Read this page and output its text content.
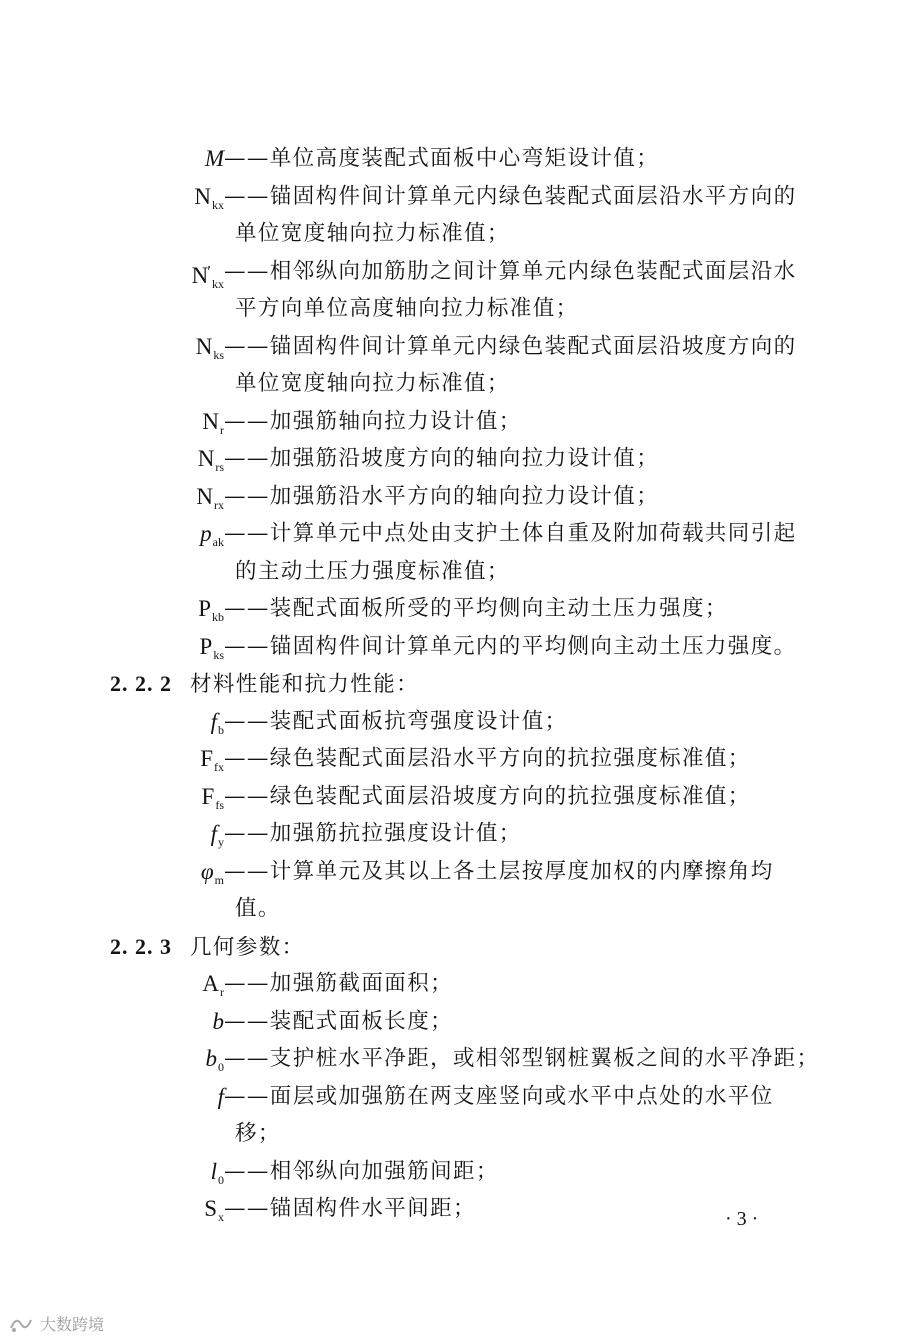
M ——单位高度装配式面板中心弯矩设计值；
$N_{kx}$ ——锚固构件间计算单元内绿色装配式面层沿水平方向的
单位宽度轴向拉力标准值；
$N'_{kx}$ ——相邻纵向加筋肋之间计算单元内绿色装配式面层沿水
平方向单位高度轴向拉力标准值；
$N_{ks}$ ——锚固构件间计算单元内绿色装配式面层沿坡度方向的
单位宽度轴向拉力标准值；
$N_r$ ——加强筋轴向拉力设计值；
$N_{rs}$ ——加强筋沿坡度方向的轴向拉力设计值；
$N_{rx}$ ——加强筋沿水平方向的轴向拉力设计值；
$p_{ak}$ ——计算单元中点处由支护土体自重及附加荷载共同引起
的主动土压力强度标准值；
$P_{kb}$ ——装配式面板所受的平均侧向主动土压力强度；
$P_{ks}$ ——锚固构件间计算单元内的平均侧向主动土压力强度。
2. 2. 2 材料性能和抗力性能：
$f_b$ ——装配式面板抗弯强度设计值；
$F_{fx}$ ——绿色装配式面层沿水平方向的抗拉强度标准值；
$F_{fs}$ ——绿色装配式面层沿坡度方向的抗拉强度标准值；
$f_y$ ——加强筋抗拉强度设计值；
$\varphi_m$ ——计算单元及其以上各土层按厚度加权的内摩擦角均
值。
2. 2. 3 几何参数：
$A_r$ ——加强筋截面面积；
b ——装配式面板长度；
$b_0$ ——支护桩水平净距，或相邻型钢桩翼板之间的水平净距；
f ——面层或加强筋在两支座竖向或水平中点处的水平位
移；
$l_0$ ——相邻纵向加强筋间距；
$S_x$ ——锚固构件水平间距；	· 3 ·
大数跨境
